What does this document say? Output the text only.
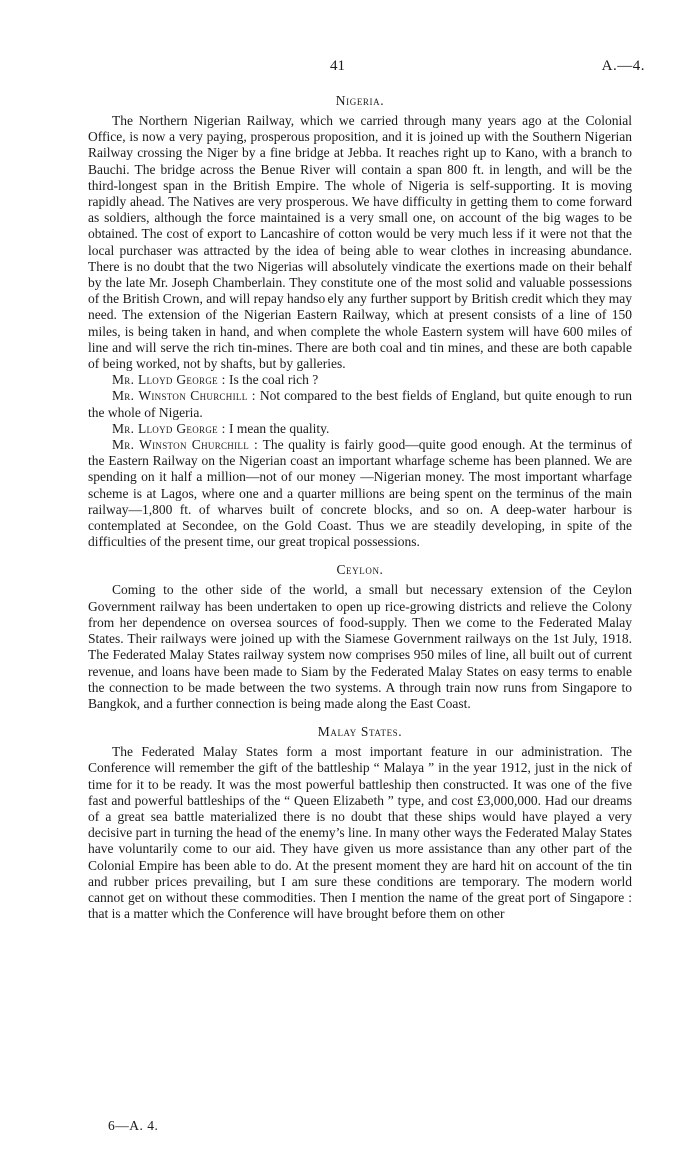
41	A.—4.
Nigeria.

The Northern Nigerian Railway, which we carried through many years ago at the Colonial Office, is now a very paying, prosperous proposition, and it is joined up with the Southern Nigerian Railway crossing the Niger by a fine bridge at Jebba. It reaches right up to Kano, with a branch to Bauchi. The bridge across the Benue River will contain a span 800 ft. in length, and will be the third-longest span in the British Empire. The whole of Nigeria is self-supporting. It is moving rapidly ahead. The Natives are very prosperous. We have difficulty in getting them to come forward as soldiers, although the force maintained is a very small one, on account of the big wages to be obtained. The cost of export to Lancashire of cotton would be very much less if it were not that the local purchaser was attracted by the idea of being able to wear clothes in increasing abundance. There is no doubt that the two Nigerias will absolutely vindicate the exertions made on their behalf by the late Mr. Joseph Chamberlain. They constitute one of the most solid and valuable possessions of the British Crown, and will repay handso  ely any further support by British credit which they may need. The extension of the Nigerian Eastern Railway, which at present consists of a line of 150 miles, is being taken in hand, and when complete the whole Eastern system will have 600 miles of line and will serve the rich tin-mines. There are both coal and tin mines, and these are both capable of being worked, not by shafts, but by galleries.

Mr. Lloyd George : Is the coal rich ?

Mr. Winston Churchill : Not compared to the best fields of England, but quite enough to run the whole of Nigeria.

Mr. Lloyd George : I mean the quality.

Mr. Winston Churchill : The quality is fairly good—quite good enough. At the terminus of the Eastern Railway on the Nigerian coast an important wharfage scheme has been planned. We are spending on it half a million—not of our money —Nigerian money. The most important wharfage scheme is at Lagos, where one and a quarter millions are being spent on the terminus of the main railway—1,800 ft. of wharves built of concrete blocks, and so on. A deep-water harbour is contemplated at Secondee, on the Gold Coast. Thus we are steadily developing, in spite of the difficulties of the present time, our great tropical possessions.

Ceylon.

Coming to the other side of the world, a small but necessary extension of the Ceylon Government railway has been undertaken to open up rice-growing districts and relieve the Colony from her dependence on oversea sources of food-supply. Then we come to the Federated Malay States. Their railways were joined up with the Siamese Government railways on the 1st July, 1918. The Federated Malay States railway system now comprises 950 miles of line, all built out of current revenue, and loans have been made to Siam by the Federated Malay States on easy terms to enable the connection to be made between the two systems. A through train now runs from Singapore to Bangkok, and a further connection is being made along the East Coast.

Malay States.

The Federated Malay States form a most important feature in our administration. The Conference will remember the gift of the battleship “ Malaya ” in the year 1912, just in the nick of time for it to be ready. It was the most powerful battleship then constructed. It was one of the five fast and powerful battleships of the “ Queen Elizabeth ” type, and cost £3,000,000. Had our dreams of a great sea battle materialized there is no doubt that these ships would have played a very decisive part in turning the head of the enemy’s line. In many other ways the Federated Malay States have voluntarily come to our aid. They have given us more assistance than any other part of the Colonial Empire has been able to do. At the present moment they are hard hit on account of the tin and rubber prices prevailing, but I am sure these conditions are temporary. The modern world cannot get on without these commodities. Then I mention the name of the great port of Singapore : that is a matter which the Conference will have brought before them on other

6—A. 4.
